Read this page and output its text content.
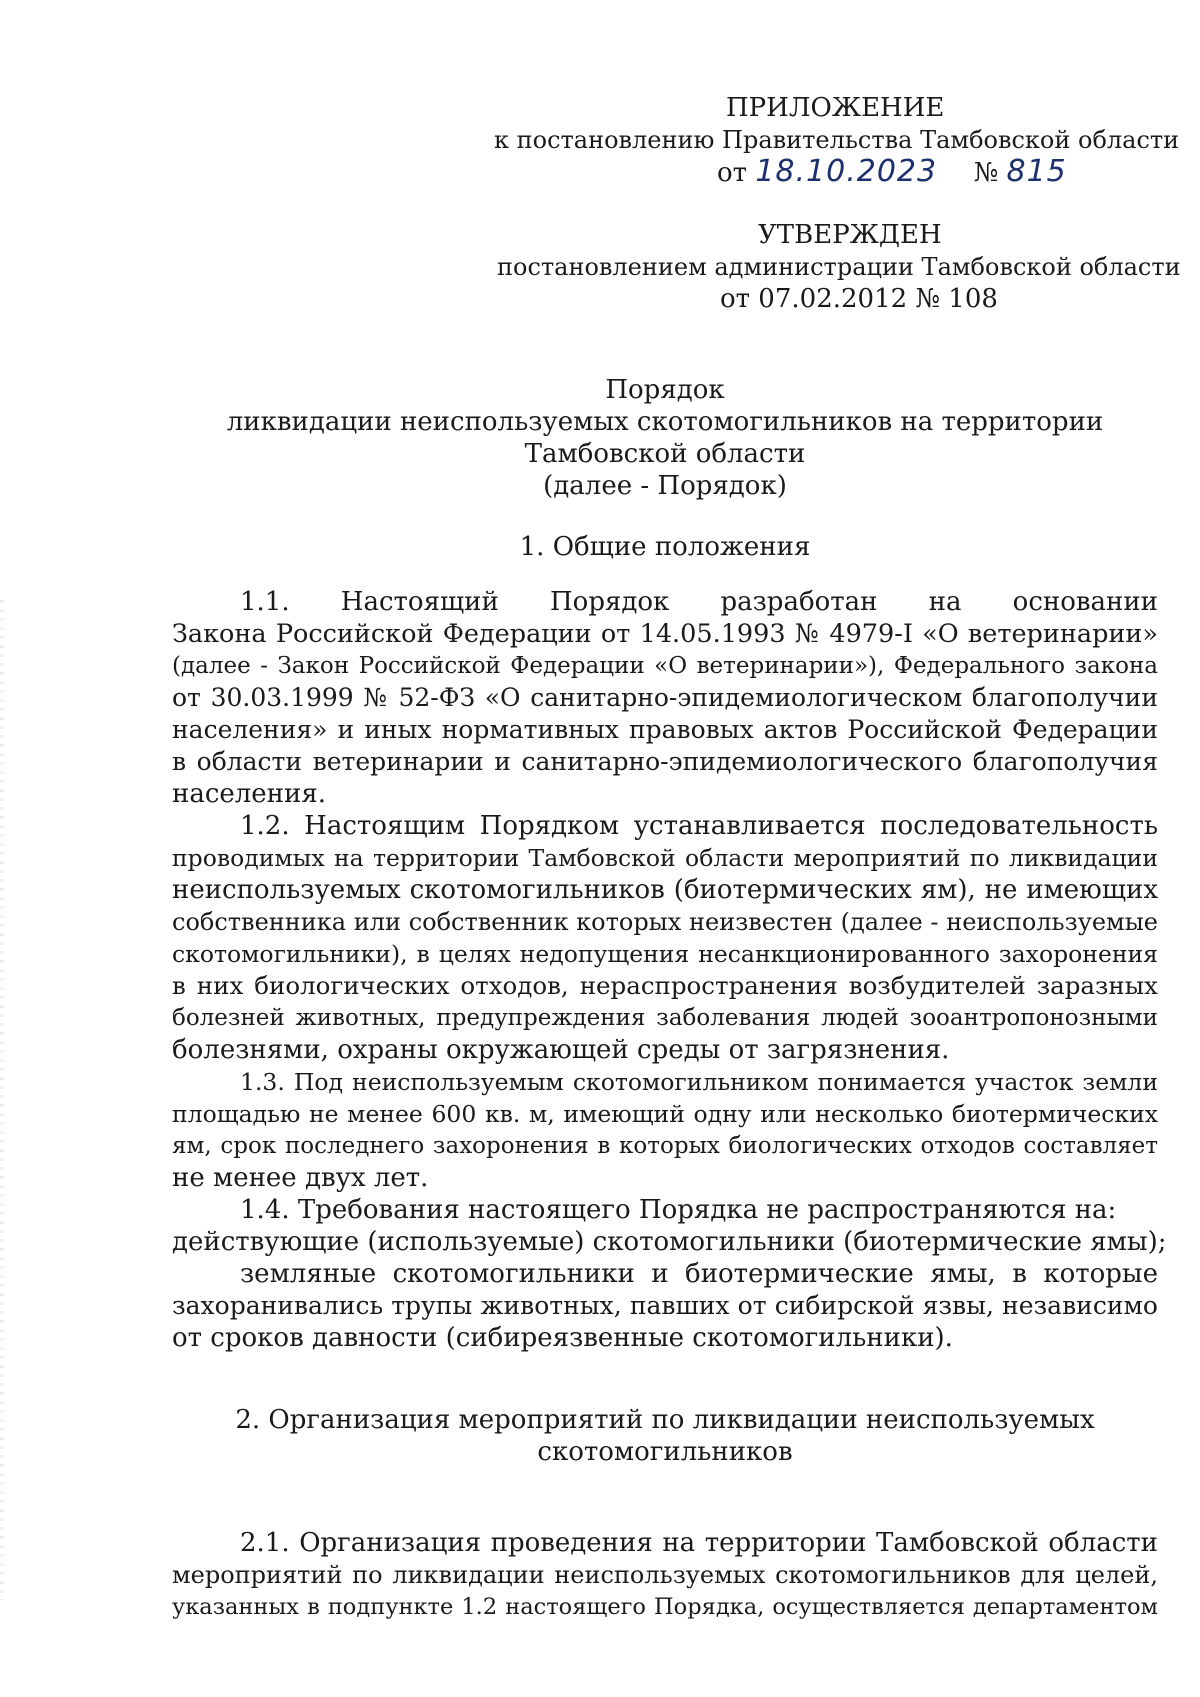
ПРИЛОЖЕНИЕ
к постановлению Правительства Тамбовской области
от 18.10.2023 № 815
УТВЕРЖДЕН
постановлением администрации Тамбовской области
от 07.02.2012 № 108
Порядок
ликвидации неиспользуемых скотомогильников на территории
Тамбовской области
(далее - Порядок)
1. Общие положения
1.1. Настоящий Порядок разработан на основании
Закона Российской Федерации от 14.05.1993 № 4979-I «О ветеринарии»
(далее - Закон Российской Федерации «О ветеринарии»), Федерального закона
от 30.03.1999 № 52-ФЗ «О санитарно-эпидемиологическом благополучии
населения» и иных нормативных правовых актов Российской Федерации
в области ветеринарии и санитарно-эпидемиологического благополучия
населения.
1.2. Настоящим Порядком устанавливается последовательность
проводимых на территории Тамбовской области мероприятий по ликвидации
неиспользуемых скотомогильников (биотермических ям), не имеющих
собственника или собственник которых неизвестен (далее - неиспользуемые
скотомогильники), в целях недопущения несанкционированного захоронения
в них биологических отходов, нераспространения возбудителей заразных
болезней животных, предупреждения заболевания людей зооантропонозными
болезнями, охраны окружающей среды от загрязнения.
1.3. Под неиспользуемым скотомогильником понимается участок земли
площадью не менее 600 кв. м, имеющий одну или несколько биотермических
ям, срок последнего захоронения в которых биологических отходов составляет
не менее двух лет.
1.4. Требования настоящего Порядка не распространяются на:
действующие (используемые) скотомогильники (биотермические ямы);
земляные скотомогильники и биотермические ямы, в которые
захоранивались трупы животных, павших от сибирской язвы, независимо
от сроков давности (сибиреязвенные скотомогильники).
2. Организация мероприятий по ликвидации неиспользуемых
скотомогильников
2.1. Организация проведения на территории Тамбовской области
мероприятий по ликвидации неиспользуемых скотомогильников для целей,
указанных в подпункте 1.2 настоящего Порядка, осуществляется департаментом
